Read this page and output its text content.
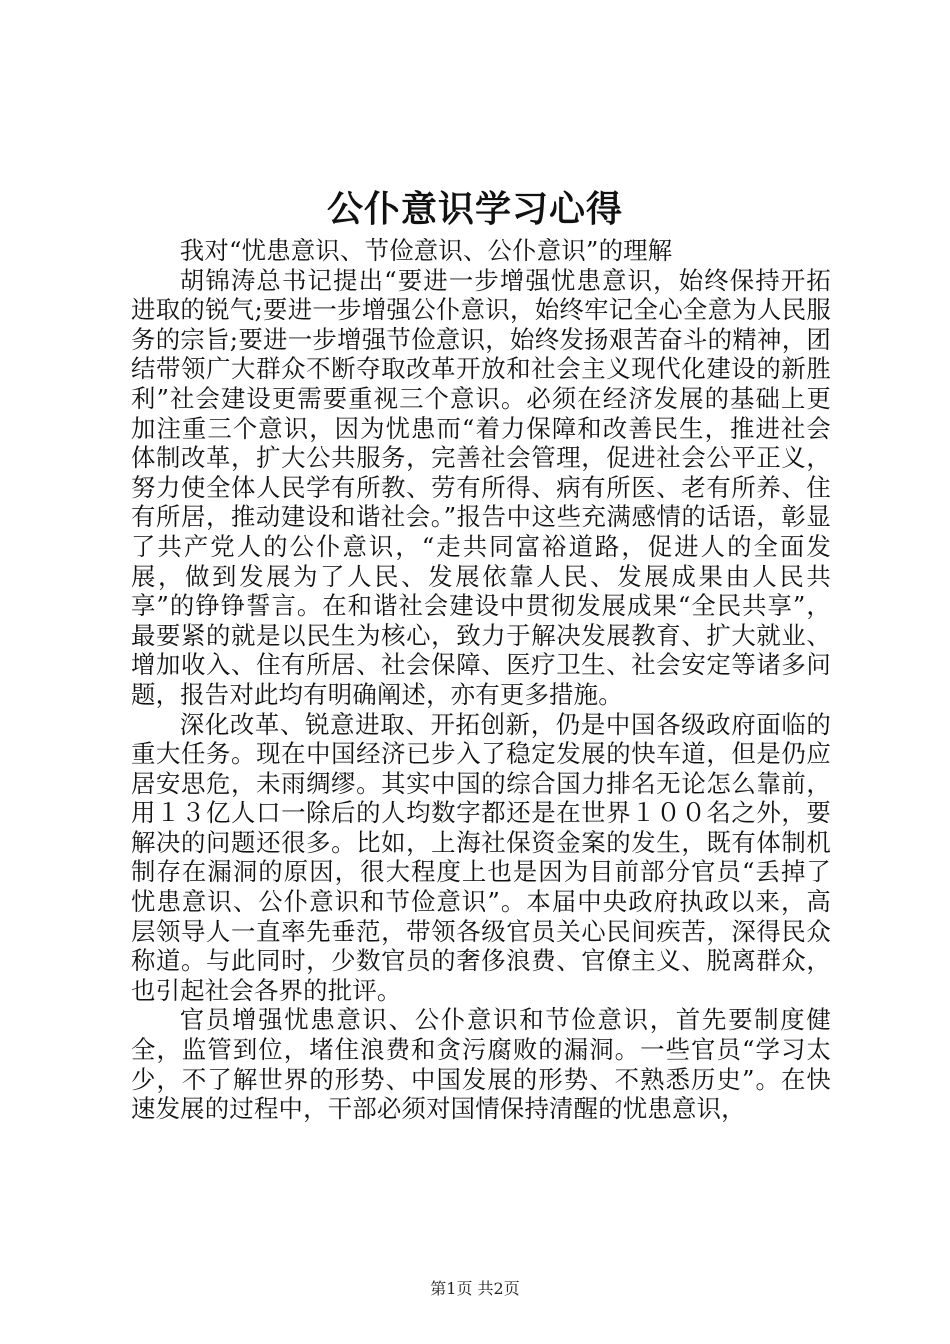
公仆意识学习心得

我对“忧患意识、节俭意识、公仆意识”的理解

胡锦涛总书记提出“要进一步增强忧患意识，始终保持开拓进取的锐气;要进一步增强公仆意识，始终牢记全心全意为人民服务的宗旨;要进一步增强节俭意识，始终发扬艰苦奋斗的精神，团结带领广大群众不断夺取改革开放和社会主义现代化建设的新胜利”社会建设更需要重视三个意识。必须在经济发展的基础上更加注重三个意识，因为忧患而“着力保障和改善民生，推进社会体制改革，扩大公共服务，完善社会管理，促进社会公平正义，努力使全体人民学有所教、劳有所得、病有所医、老有所养、住有所居，推动建设和谐社会。”报告中这些充满感情的话语，彰显了共产党人的公仆意识，“走共同富裕道路，促进人的全面发展，做到发展为了人民、发展依靠人民、发展成果由人民共享”的铮铮誓言。在和谐社会建设中贯彻发展成果“全民共享”，最要紧的就是以民生为核心，致力于解决发展教育、扩大就业、增加收入、住有所居、社会保障、医疗卫生、社会安定等诸多问题，报告对此均有明确阐述，亦有更多措施。

深化改革、锐意进取、开拓创新，仍是中国各级政府面临的重大任务。现在中国经济已步入了稳定发展的快车道，但是仍应居安思危，未雨绸缪。其实中国的综合国力排名无论怎么靠前，用１３亿人口一除后的人均数字都还是在世界１００名之外，要解决的问题还很多。比如，上海社保资金案的发生，既有体制机制存在漏洞的原因，很大程度上也是因为目前部分官员“丢掉了忧患意识、公仆意识和节俭意识”。本届中央政府执政以来，高层领导人一直率先垂范，带领各级官员关心民间疾苦，深得民众称道。与此同时，少数官员的奢侈浪费、官僚主义、脱离群众，也引起社会各界的批评。

官员增强忧患意识、公仆意识和节俭意识，首先要制度健全，监管到位，堵住浪费和贪污腐败的漏洞。一些官员“学习太少，不了解世界的形势、中国发展的形势、不熟悉历史”。在快速发展的过程中，干部必须对国情保持清醒的忧患意识，

第1页 共2页
